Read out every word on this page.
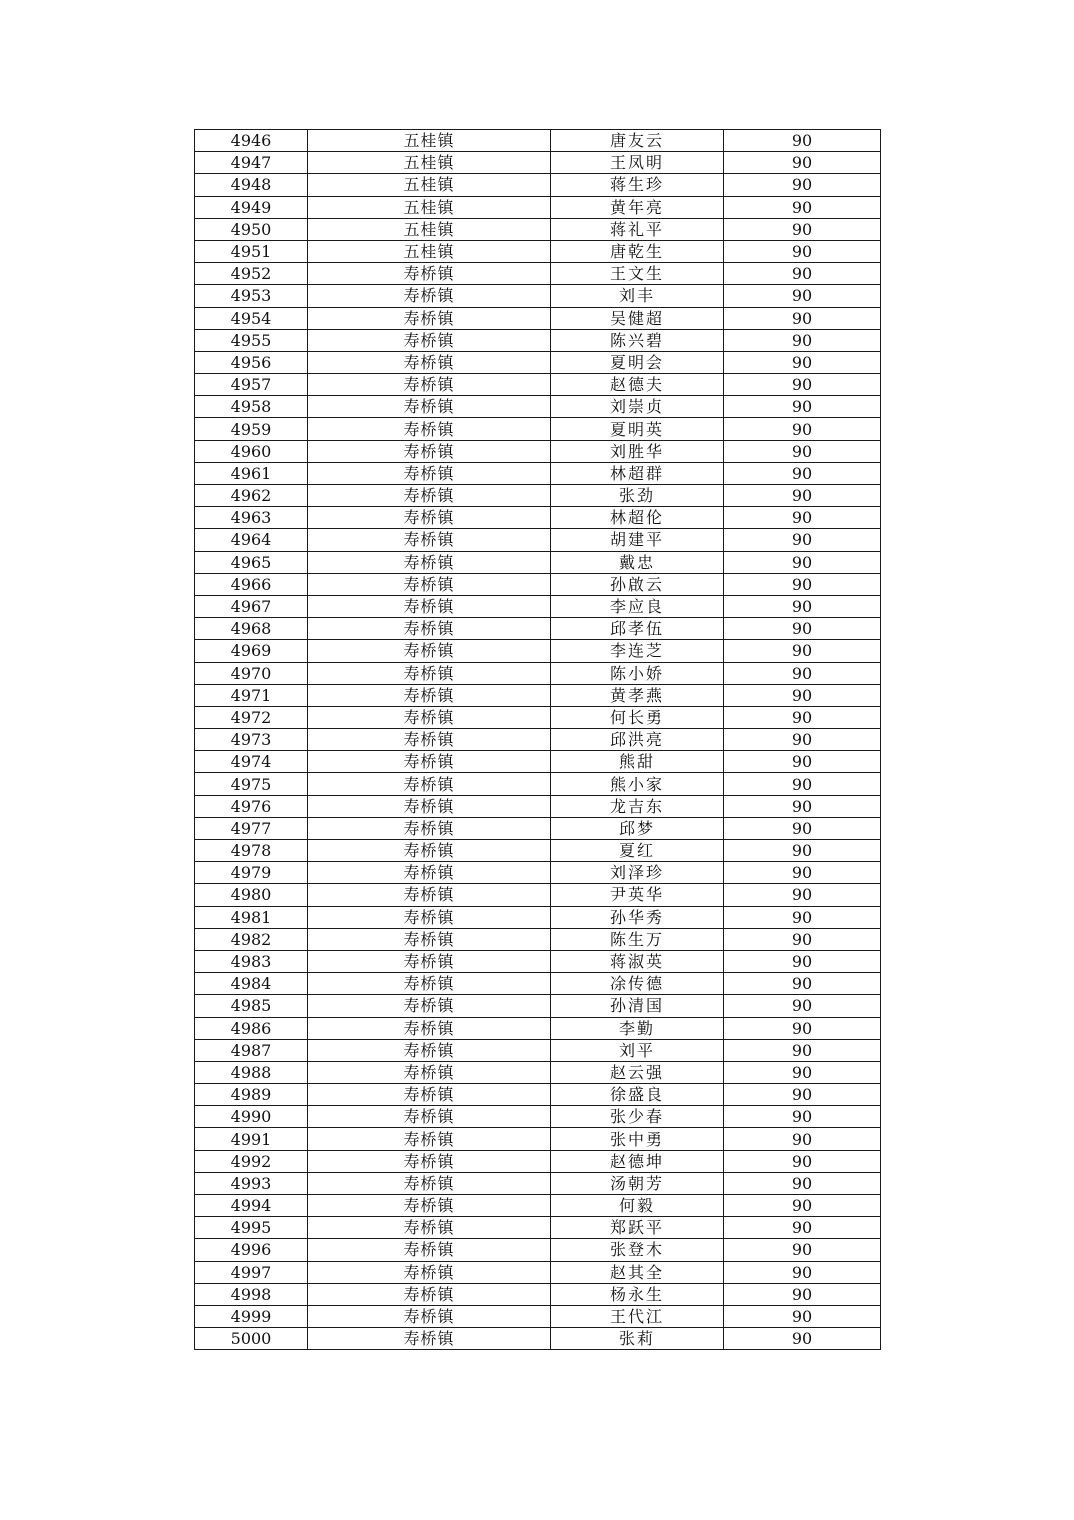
4946	五桂镇	唐友云	90
4947	五桂镇	王凤明	90
4948	五桂镇	蒋生珍	90
4949	五桂镇	黄年亮	90
4950	五桂镇	蒋礼平	90
4951	五桂镇	唐乾生	90
4952	寿桥镇	王文生	90
4953	寿桥镇	刘丰	90
4954	寿桥镇	吴健超	90
4955	寿桥镇	陈兴碧	90
4956	寿桥镇	夏明会	90
4957	寿桥镇	赵德夫	90
4958	寿桥镇	刘崇贞	90
4959	寿桥镇	夏明英	90
4960	寿桥镇	刘胜华	90
4961	寿桥镇	林超群	90
4962	寿桥镇	张劲	90
4963	寿桥镇	林超伦	90
4964	寿桥镇	胡建平	90
4965	寿桥镇	戴忠	90
4966	寿桥镇	孙啟云	90
4967	寿桥镇	李应良	90
4968	寿桥镇	邱孝伍	90
4969	寿桥镇	李连芝	90
4970	寿桥镇	陈小娇	90
4971	寿桥镇	黄孝燕	90
4972	寿桥镇	何长勇	90
4973	寿桥镇	邱洪亮	90
4974	寿桥镇	熊甜	90
4975	寿桥镇	熊小家	90
4976	寿桥镇	龙吉东	90
4977	寿桥镇	邱梦	90
4978	寿桥镇	夏红	90
4979	寿桥镇	刘泽珍	90
4980	寿桥镇	尹英华	90
4981	寿桥镇	孙华秀	90
4982	寿桥镇	陈生万	90
4983	寿桥镇	蒋淑英	90
4984	寿桥镇	凃传德	90
4985	寿桥镇	孙清国	90
4986	寿桥镇	李勤	90
4987	寿桥镇	刘平	90
4988	寿桥镇	赵云强	90
4989	寿桥镇	徐盛良	90
4990	寿桥镇	张少春	90
4991	寿桥镇	张中勇	90
4992	寿桥镇	赵德坤	90
4993	寿桥镇	汤朝芳	90
4994	寿桥镇	何毅	90
4995	寿桥镇	郑跃平	90
4996	寿桥镇	张登木	90
4997	寿桥镇	赵其全	90
4998	寿桥镇	杨永生	90
4999	寿桥镇	王代江	90
5000	寿桥镇	张莉	90
